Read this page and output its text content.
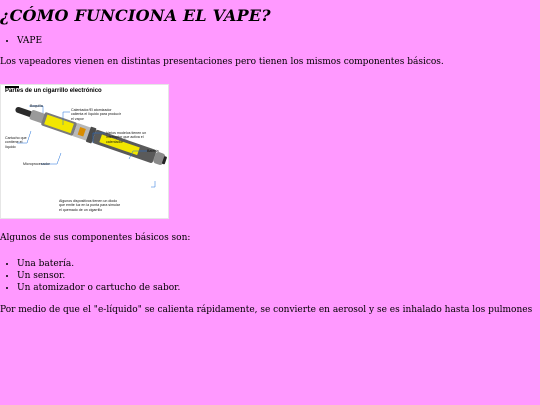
¿CÓMO FUNCIONA EL VAPE?
• VAPE

Los vapeadores vienen en distintas presentaciones pero tienen los mismos componentes básicos.

Partes de un cigarrillo electrónico
Boquilla
Calentador/El atomizador
calienta el líquido para producir
el vapor
Varios modelos tienen un
interruptor que activa el
calentador
Cartucho que
contiene el
líquido
Batería
Microprocesador
Algunos dispositivos tienen un diodo
que emite luz en la punta para simular
el quemado de un cigarrillo

Algunos de sus componentes básicos son:

• Una batería.
• Un sensor.
• Un atomizador o cartucho de sabor.

Por medio de que el "e-líquido" se calienta rápidamente, se convierte en aerosol y se es inhalado hasta los pulmones
